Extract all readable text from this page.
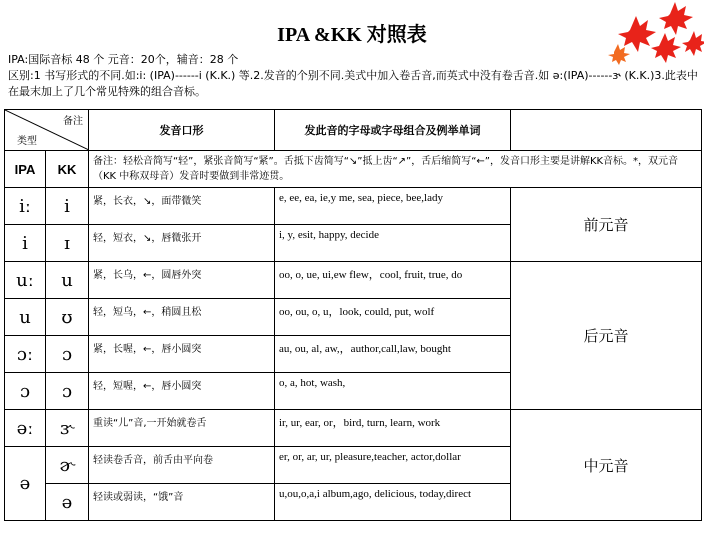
IPA &KK 对照表

IPA:国际音标 48 个 元音：20个，辅音：28 个

区别:1 书写形式的不同.如:i: (IPA)------i (K.K.) 等.2.发音的个别不同.美式中加入卷舌音,而英式中没有卷舌音.如 ə:(IPA)------ɝ (K.K.)3.此表中在最末加上了几个常见特殊的组合音标。

备注
类型		发音口形	发此音的字母或字母组合及例举单词	
IPA	KK	备注：轻松音简写“轻”，紧张音简写“紧”。舌抵下齿简写“↘”抵上齿“↗”，舌后缩简写“←”，发音口形主要是讲解KK音标。*，双元音（KK 中称双母音）发音时要做到非常迹贯。		
iː	i	紧，长衣，↘，面带微笑	e, ee, ea, ie,y me, sea, piece, bee,lady	前元音
i	ɪ	轻，短衣，↘，唇微张开	i, y, esit, happy, decide	
uː	u	紧，长乌，←，圆唇外突	oo, o, ue, ui,ew flew，cool, fruit, true, do	后元音
u	ʊ	轻，短乌，←，稍圆且松	oo, ou, o, u，look, could, put, wolf	
ɔː	ɔ	紧，长喔，←，唇小圆突	au, ou, al, aw,，author,call,law, bought	
ɔ	ɔ	轻，短喔，←，唇小圆突	o, a, hot, wash,	
əː	ɝ	重读“儿”音,一开始就卷舌	ir, ur, ear, or，bird, turn, learn, work	中元音
ə	ɚ	轻读卷舌音，前舌由平向卷	er, or, ar, ur, pleasure,teacher, actor,dollar	
	ə	轻读或弱读，“饿”音	u,ou,o,a,i album,ago, delicious, today,direct	
